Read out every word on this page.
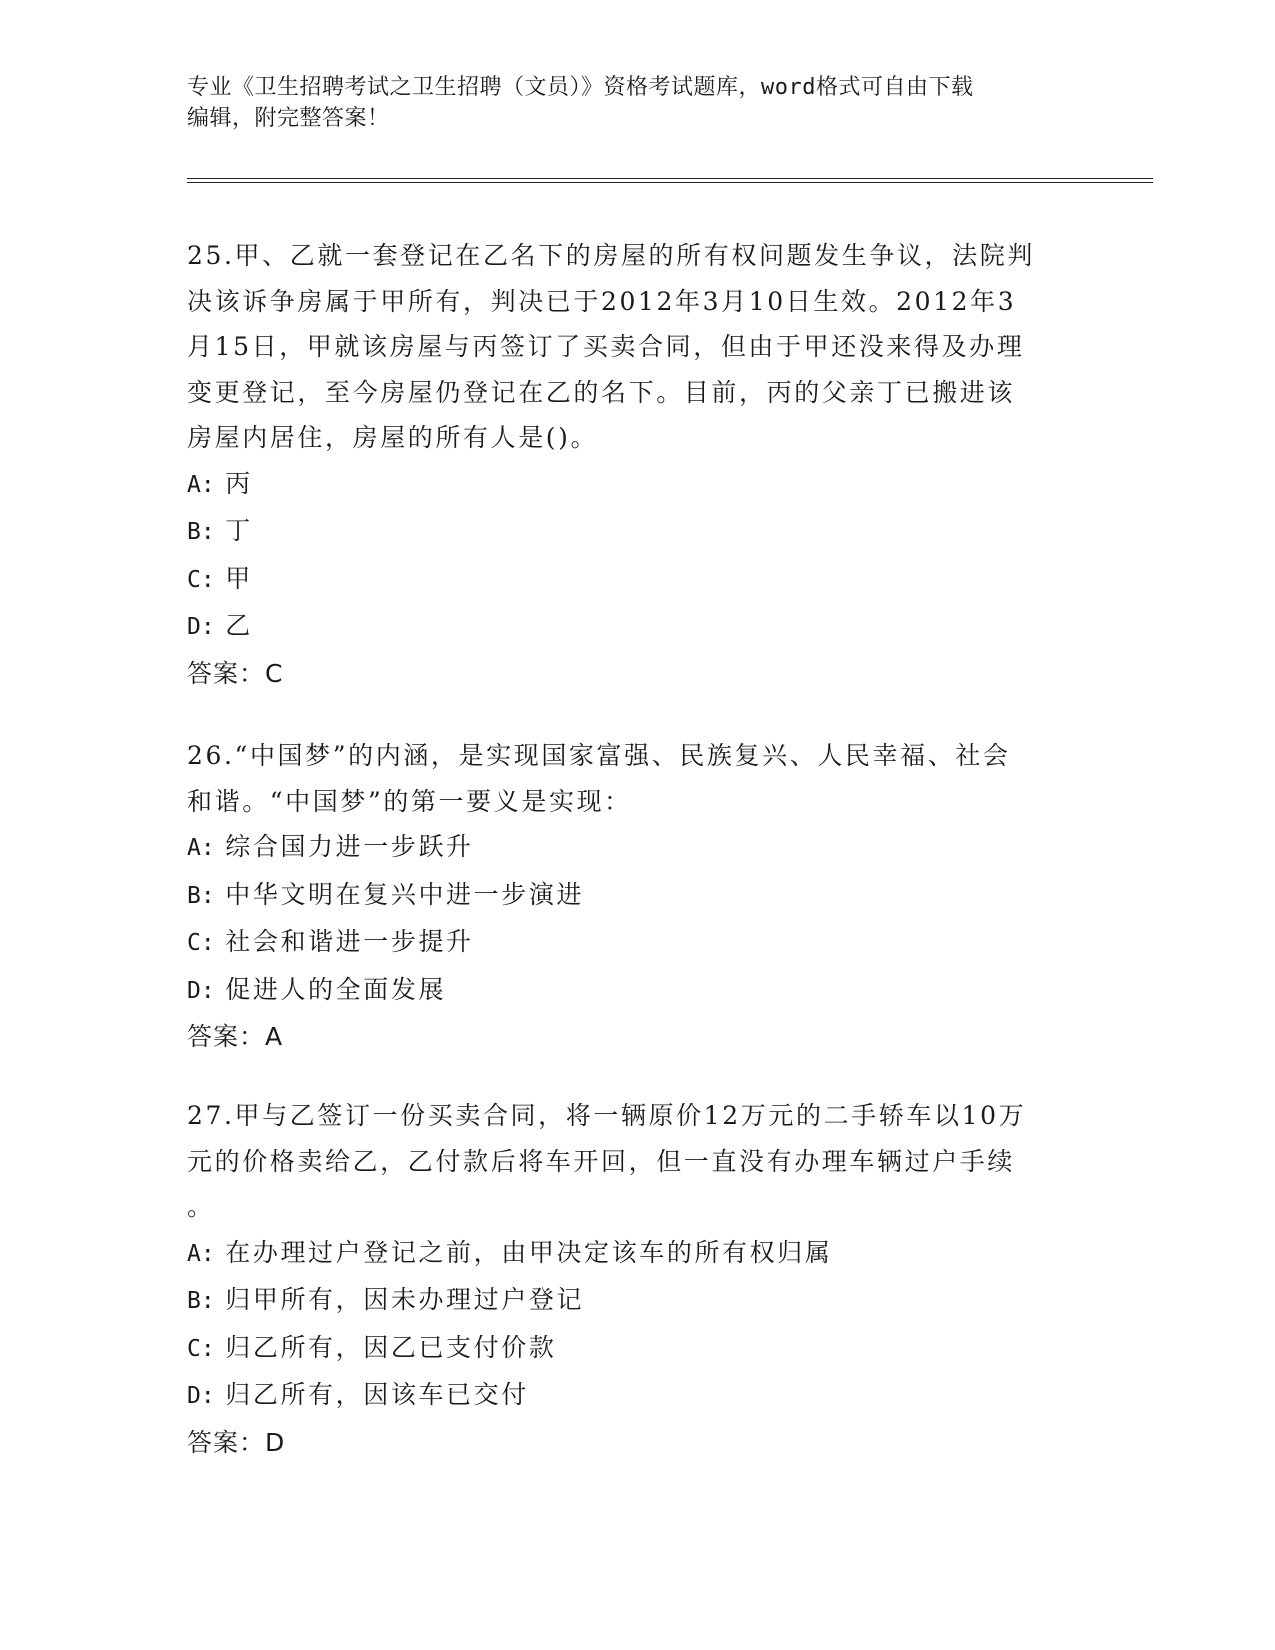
专业《卫生招聘考试之卫生招聘（文员）》资格考试题库，word格式可自由下载
编辑，附完整答案！
25.甲、乙就一套登记在乙名下的房屋的所有权问题发生争议，法院判
决该诉争房属于甲所有，判决已于2012年3月10日生效。2012年3
月15日，甲就该房屋与丙签订了买卖合同，但由于甲还没来得及办理
变更登记，至今房屋仍登记在乙的名下。目前，丙的父亲丁已搬进该
房屋内居住，房屋的所有人是()。
A: 丙
B: 丁
C: 甲
D: 乙
答案：C
26.“中国梦”的内涵，是实现国家富强、民族复兴、人民幸福、社会
和谐。“中国梦”的第一要义是实现：
A: 综合国力进一步跃升
B: 中华文明在复兴中进一步演进
C: 社会和谐进一步提升
D: 促进人的全面发展
答案：A
27.甲与乙签订一份买卖合同，将一辆原价12万元的二手轿车以10万
元的价格卖给乙，乙付款后将车开回，但一直没有办理车辆过户手续
。
A: 在办理过户登记之前，由甲决定该车的所有权归属
B: 归甲所有，因未办理过户登记
C: 归乙所有，因乙已支付价款
D: 归乙所有，因该车已交付
答案：D
